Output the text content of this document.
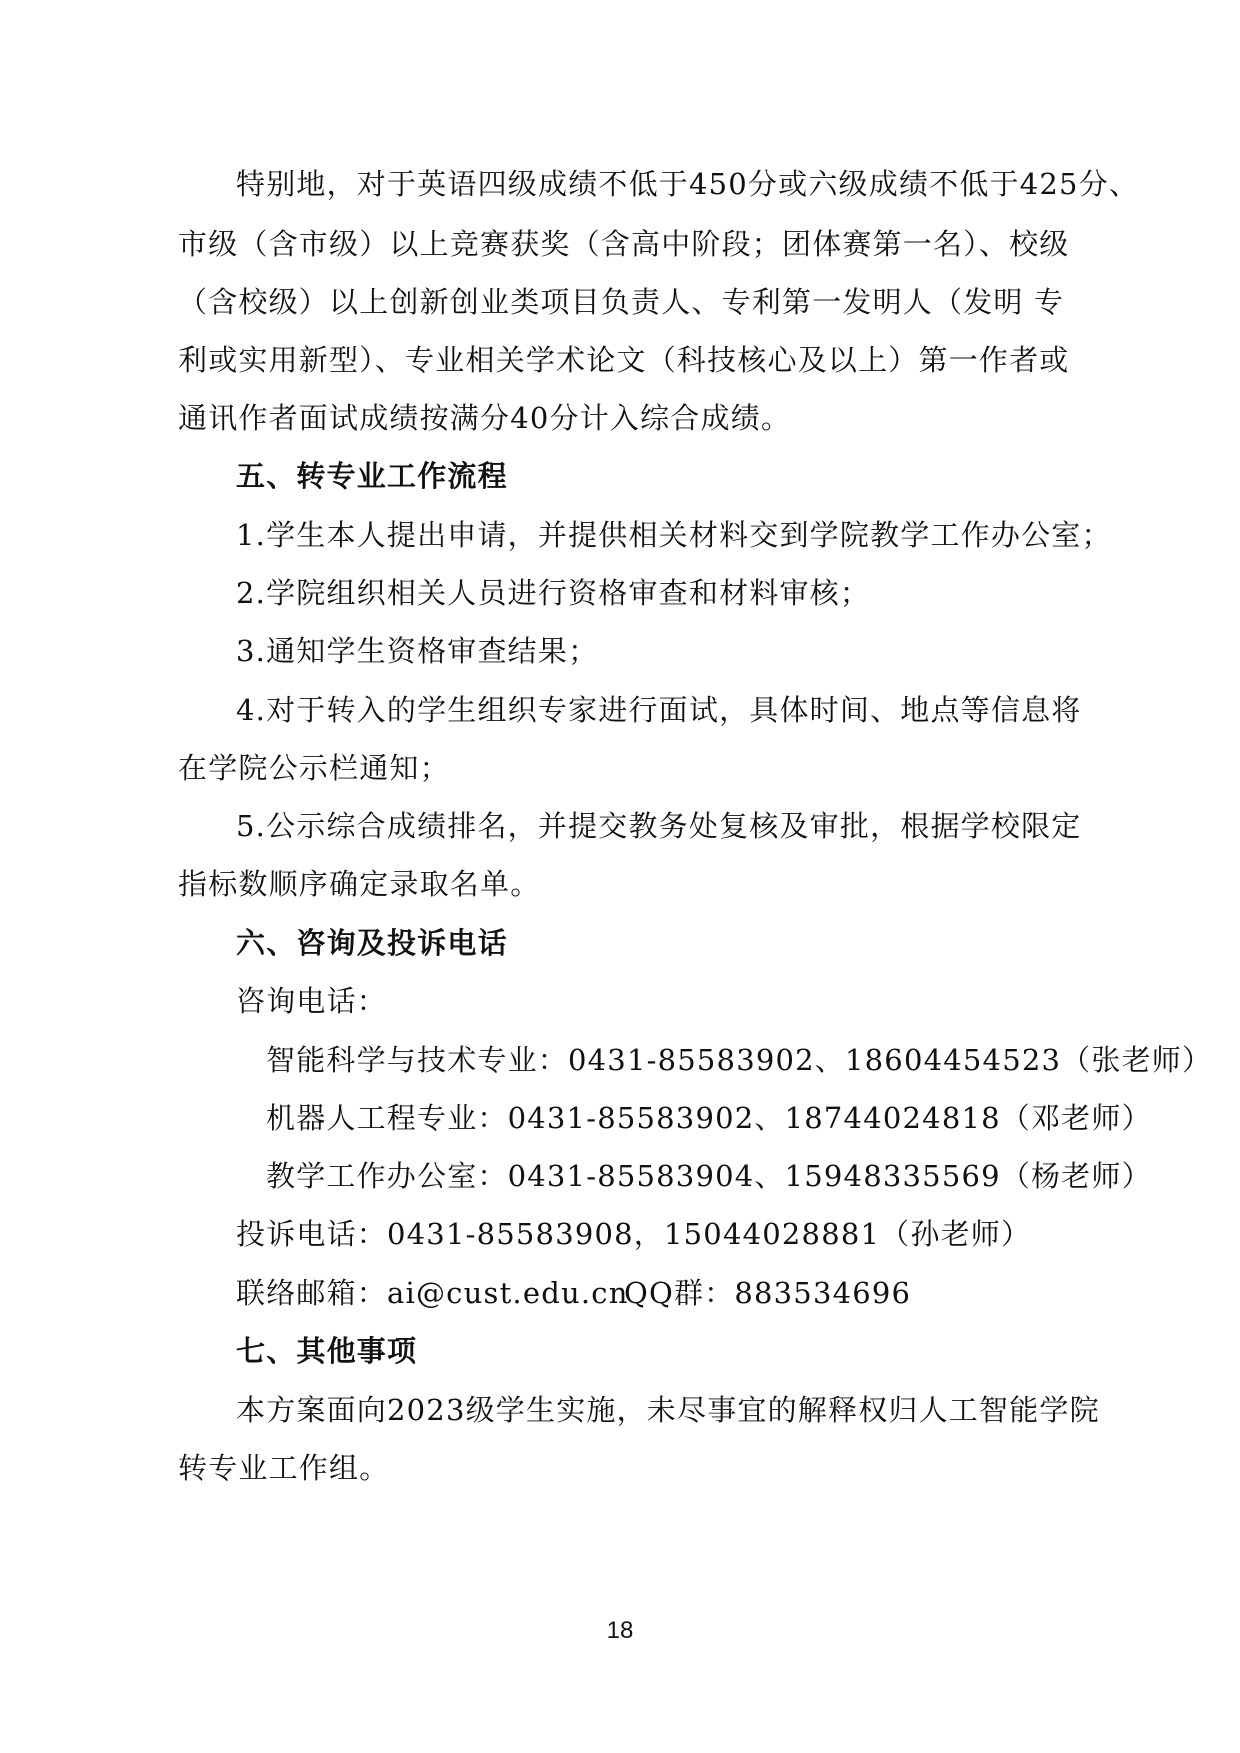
特别地，对于英语四级成绩不低于450分或六级成绩不低于425分、
市级（含市级）以上竞赛获奖（含高中阶段；团体赛第一名）、校级
（含校级）以上创新创业类项目负责人、专利第一发明人（发明 专
利或实用新型）、专业相关学术论文（科技核心及以上）第一作者或
通讯作者面试成绩按满分40分计入综合成绩。
五、转专业工作流程
1.学生本人提出申请，并提供相关材料交到学院教学工作办公室；
2.学院组织相关人员进行资格审查和材料审核；
3.通知学生资格审查结果；
4.对于转入的学生组织专家进行面试，具体时间、地点等信息将
在学院公示栏通知；
5.公示综合成绩排名，并提交教务处复核及审批，根据学校限定
指标数顺序确定录取名单。
六、咨询及投诉电话
咨询电话：
智能科学与技术专业：0431-85583902、18604454523（张老师）
机器人工程专业：0431-85583902、18744024818（邓老师）
教学工作办公室：0431-85583904、15948335569（杨老师）
投诉电话：0431-85583908，15044028881（孙老师）
联络邮箱：ai@cust.edu.cn
QQ群：883534696
七、其他事项
本方案面向2023级学生实施，未尽事宜的解释权归人工智能学院
转专业工作组。
18
